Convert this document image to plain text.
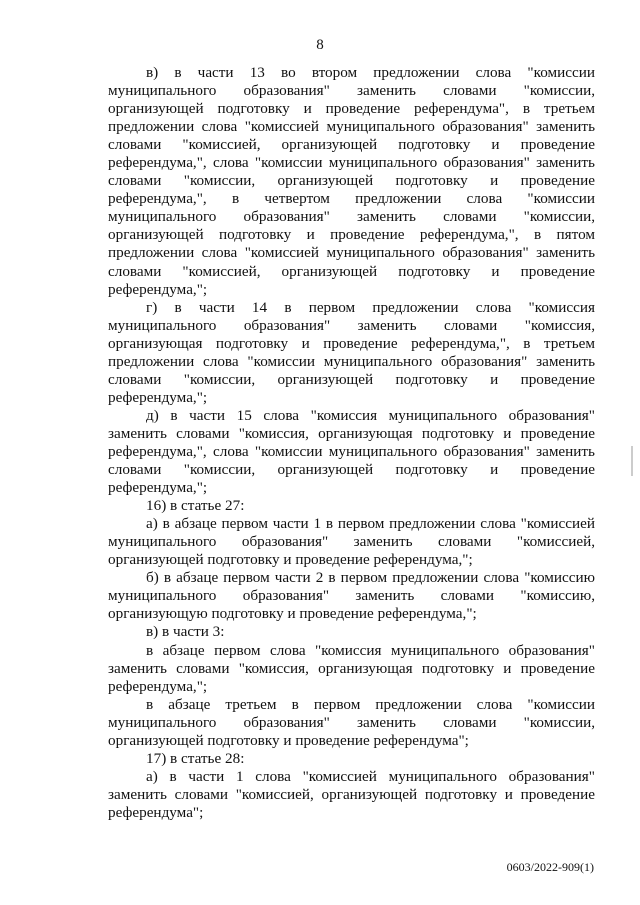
8

в) в части 13 во втором предложении слова "комиссии муниципального образования" заменить словами "комиссии, организующей подготовку и проведение референдума", в третьем предложении слова "комиссией муниципального образования" заменить словами "комиссией, организующей подготовку и проведение референдума,", слова "комиссии муниципального образования" заменить словами "комиссии, организующей подготовку и проведение референдума,", в четвертом предложении слова "комиссии муниципального образования" заменить словами "комиссии, организующей подготовку и проведение референдума,", в пятом предложении слова "комиссией муниципального образования" заменить словами "комиссией, организующей подготовку и проведение референдума,";

г) в части 14 в первом предложении слова "комиссия муниципального образования" заменить словами "комиссия, организующая подготовку и проведение референдума,", в третьем предложении слова "комиссии муниципального образования" заменить словами "комиссии, организующей подготовку и проведение референдума,";

д) в части 15 слова "комиссия муниципального образования" заменить словами "комиссия, организующая подготовку и проведение референдума,", слова "комиссии муниципального образования" заменить словами "комиссии, организующей подготовку и проведение референдума,";

16) в статье 27:

а) в абзаце первом части 1 в первом предложении слова "комиссией муниципального образования" заменить словами "комиссией, организующей подготовку и проведение референдума,";

б) в абзаце первом части 2 в первом предложении слова "комиссию муниципального образования" заменить словами "комиссию, организующую подготовку и проведение референдума,";

в) в части 3:

в абзаце первом слова "комиссия муниципального образования" заменить словами "комиссия, организующая подготовку и проведение референдума,";

в абзаце третьем в первом предложении слова "комиссии муниципального образования" заменить словами "комиссии, организующей подготовку и проведение референдума";

17) в статье 28:

а) в части 1 слова "комиссией муниципального образования" заменить словами "комиссией, организующей подготовку и проведение референдума";

0603/2022-909(1)
